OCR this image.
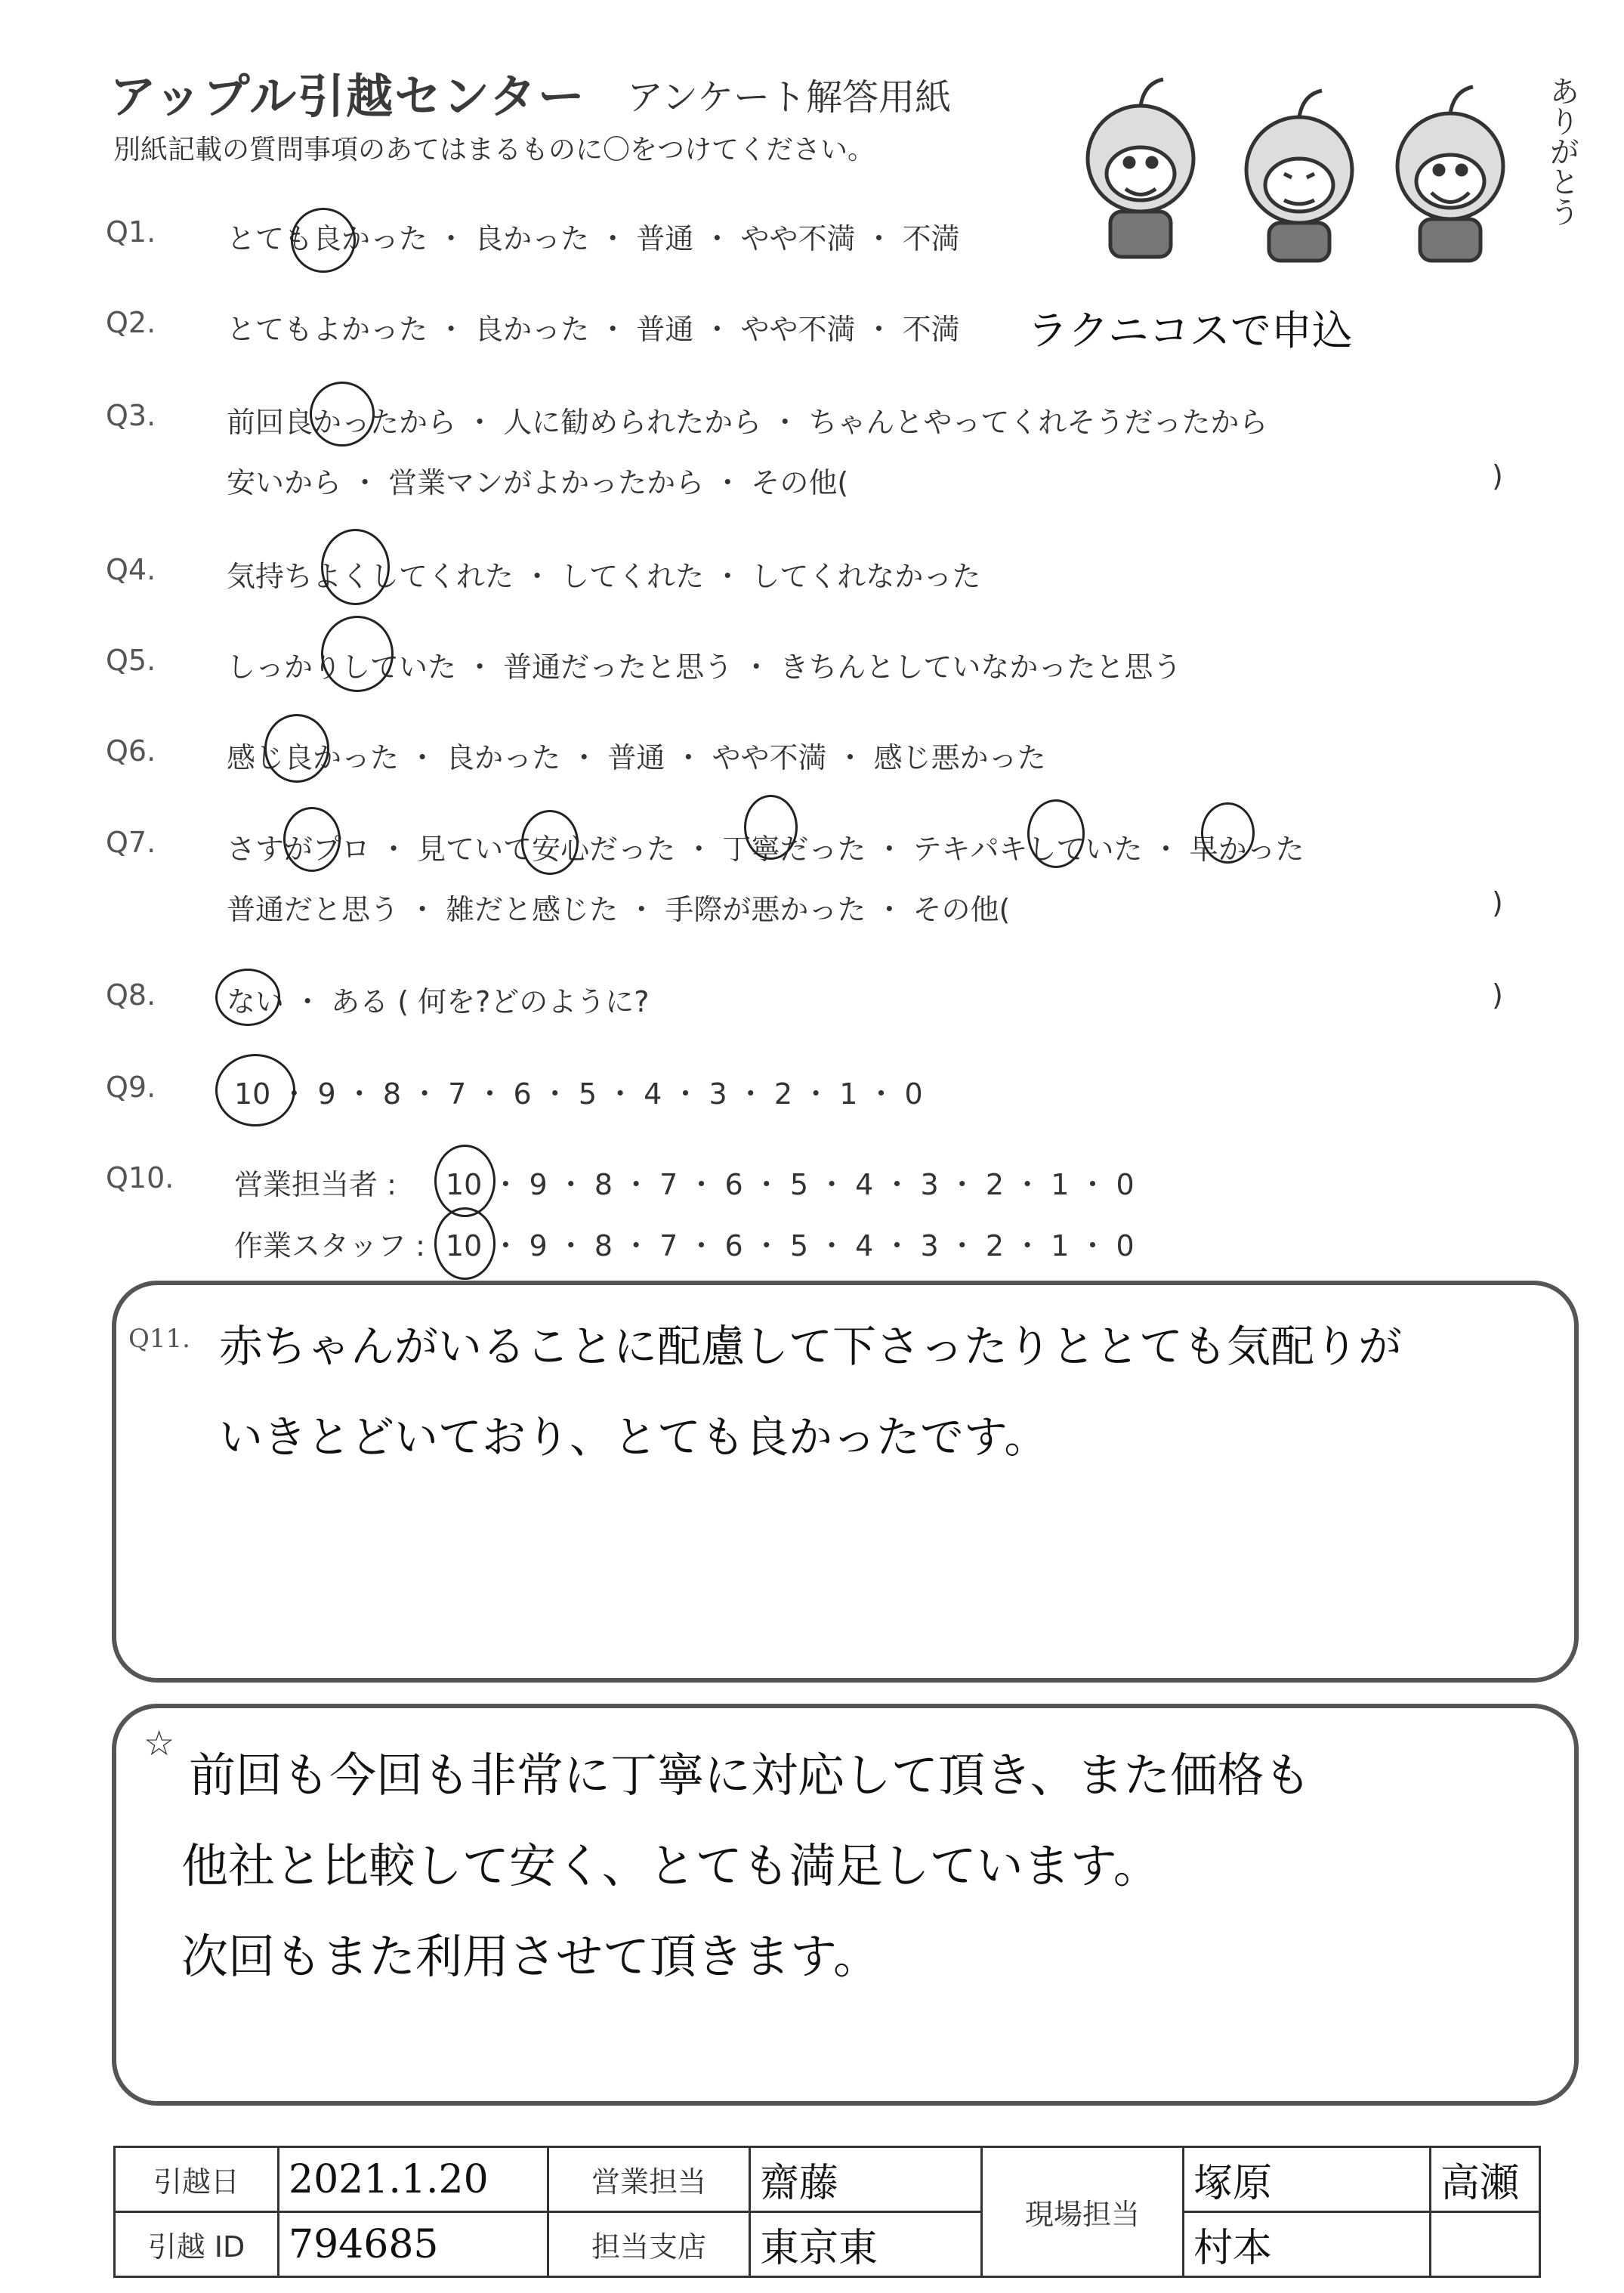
アップル引越センター アンケート解答用紙
別紙記載の質問事項のあてはまるものに〇をつけてください。	ありがとう
Q1. とても良かった ・ 良かった ・ 普通 ・ やや不満 ・ 不満
Q2. とてもよかった ・ 良かった ・ 普通 ・ やや不満 ・ 不満 ラクニコスで申込
Q3. 前回良かったから ・ 人に勧められたから ・ ちゃんとやってくれそうだったから
安いから ・ 営業マンがよかったから ・ その他(	)
Q4. 気持ちよくしてくれた ・ してくれた ・ してくれなかった
Q5. しっかりしていた ・ 普通だったと思う ・ きちんとしていなかったと思う
Q6. 感じ良かった ・ 良かった ・ 普通 ・ やや不満 ・ 感じ悪かった
Q7. さすがプロ ・ 見ていて安心だった ・ 丁寧だった ・ テキパキしていた ・ 早かった
普通だと思う ・ 雑だと感じた ・ 手際が悪かった ・ その他(	)
Q8. ない ・ ある ( 何を?どのように?	)
Q9.	10 ・ 9 ・ 8 ・ 7 ・ 6 ・ 5 ・ 4 ・ 3 ・ 2 ・ 1 ・ 0
Q10. 営業担当者 : 10 ・ 9 ・ 8 ・ 7 ・ 6 ・ 5 ・ 4 ・ 3 ・ 2 ・ 1 ・ 0
作業スタッフ : 10 ・ 9 ・ 8 ・ 7 ・ 6 ・ 5 ・ 4 ・ 3 ・ 2 ・ 1 ・ 0
Q11. 赤ちゃんがいることに配慮して下さったりととても気配りが
いきとどいており、とても良かったです。
☆
前回も今回も非常に丁寧に対応して頂き、また価格も
他社と比較して安く、とても満足しています。
次回もまた利用させて頂きます。
引越日	2021.1.20	営業担当	齋藤	現場担当	塚原	高瀬
引越 ID	794685	担当支店	東京東		村本	
